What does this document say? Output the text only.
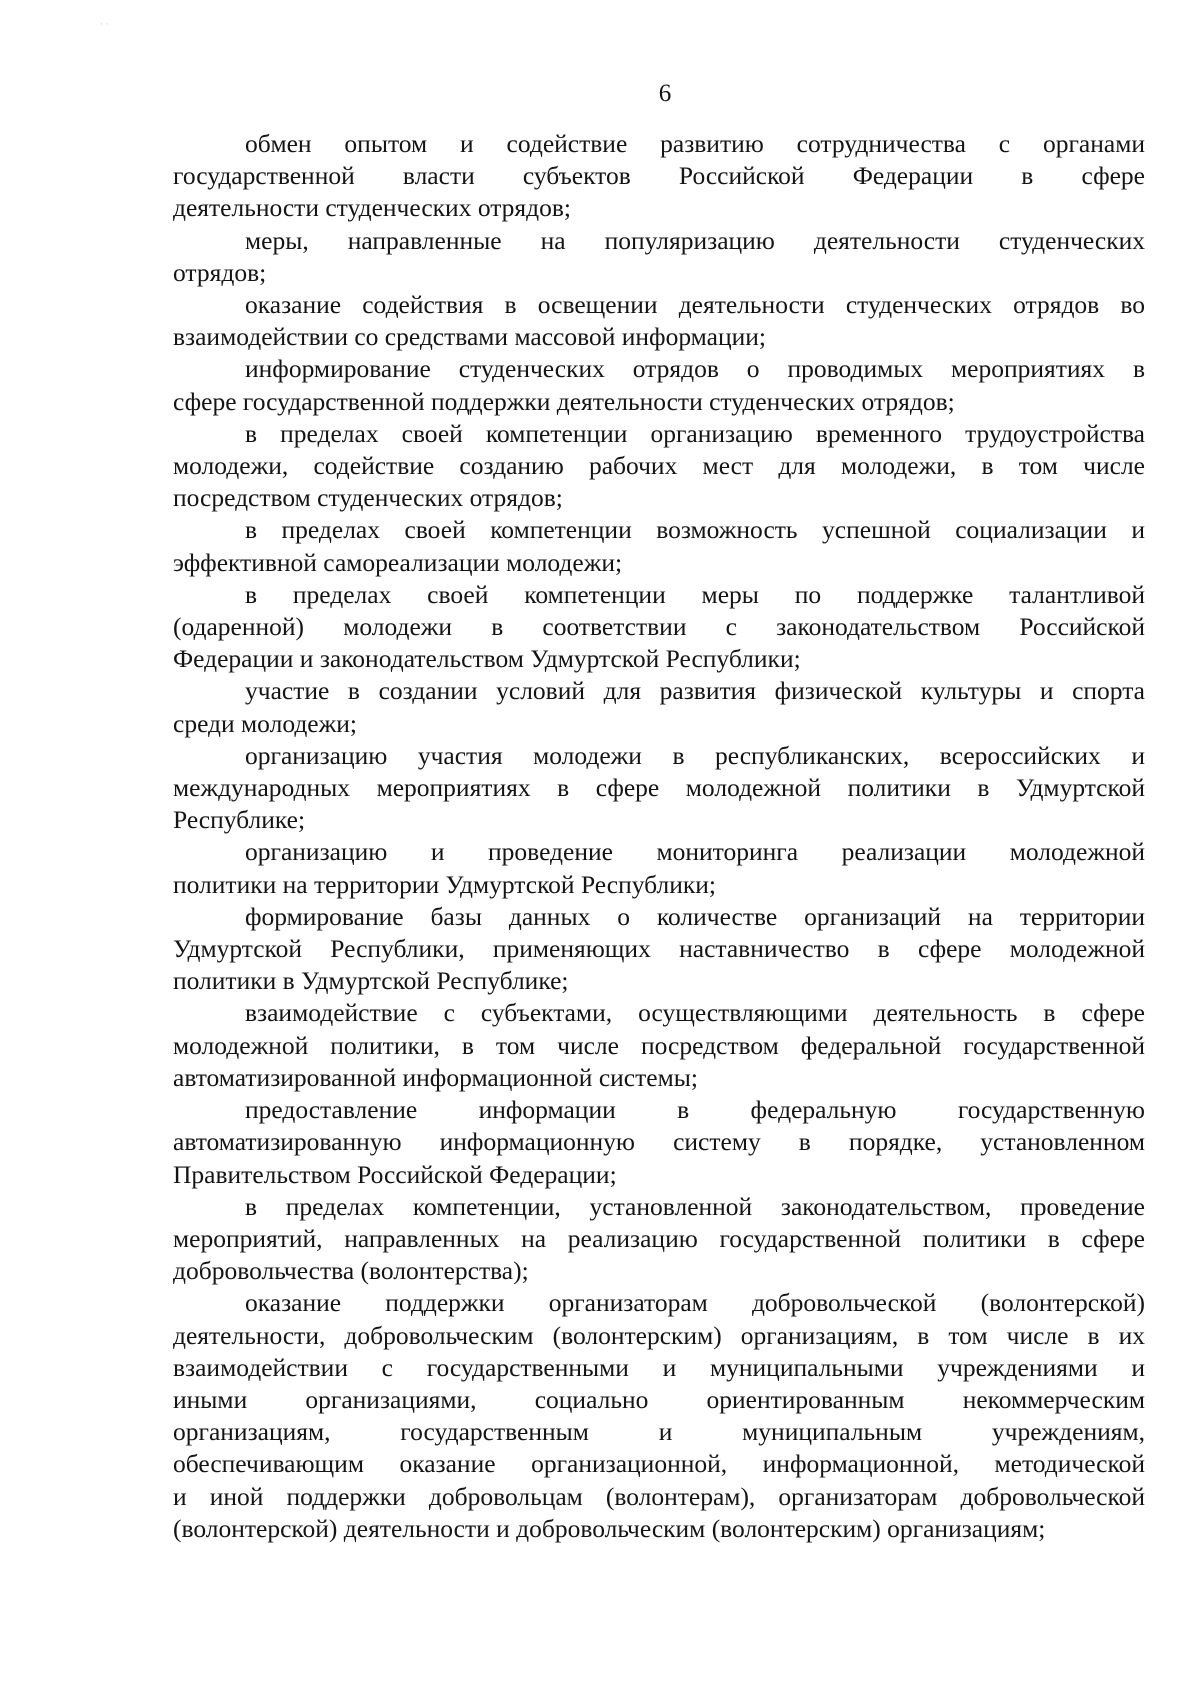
· ·
6
обмен опытом и содействие развитию сотрудничества с органами
государственной власти субъектов Российской Федерации в сфере
деятельности студенческих отрядов;
меры, направленные на популяризацию деятельности студенческих
отрядов;
оказание содействия в освещении деятельности студенческих отрядов во
взаимодействии со средствами массовой информации;
информирование студенческих отрядов о проводимых мероприятиях в
сфере государственной поддержки деятельности студенческих отрядов;
в пределах своей компетенции организацию временного трудоустройства
молодежи, содействие созданию рабочих мест для молодежи, в том числе
посредством студенческих отрядов;
в пределах своей компетенции возможность успешной социализации и
эффективной самореализации молодежи;
в пределах своей компетенции меры по поддержке талантливой
(одаренной) молодежи в соответствии с законодательством Российской
Федерации и законодательством Удмуртской Республики;
участие в создании условий для развития физической культуры и спорта
среди молодежи;
организацию участия молодежи в республиканских, всероссийских и
международных мероприятиях в сфере молодежной политики в Удмуртской
Республике;
организацию и проведение мониторинга реализации молодежной
политики на территории Удмуртской Республики;
формирование базы данных о количестве организаций на территории
Удмуртской Республики, применяющих наставничество в сфере молодежной
политики в Удмуртской Республике;
взаимодействие с субъектами, осуществляющими деятельность в сфере
молодежной политики, в том числе посредством федеральной государственной
автоматизированной информационной системы;
предоставление информации в федеральную государственную
автоматизированную информационную систему в порядке, установленном
Правительством Российской Федерации;
в пределах компетенции, установленной законодательством, проведение
мероприятий, направленных на реализацию государственной политики в сфере
добровольчества (волонтерства);
оказание поддержки организаторам добровольческой (волонтерской)
деятельности, добровольческим (волонтерским) организациям, в том числе в их
взаимодействии с государственными и муниципальными учреждениями и
иными организациями, социально ориентированным некоммерческим
организациям, государственным и муниципальным учреждениям,
обеспечивающим оказание организационной, информационной, методической
и иной поддержки добровольцам (волонтерам), организаторам добровольческой
(волонтерской) деятельности и добровольческим (волонтерским) организациям;
